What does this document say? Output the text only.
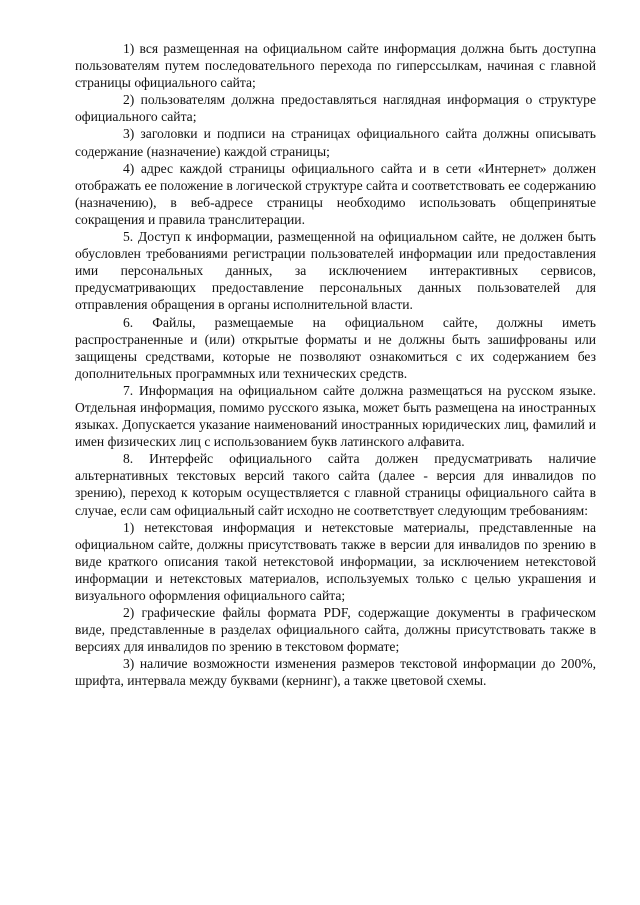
1) вся размещенная на официальном сайте информация должна быть доступна пользователям путем последовательного перехода по гиперссылкам, начиная с главной страницы официального сайта;

2) пользователям должна предоставляться наглядная информация о структуре официального сайта;

3) заголовки и подписи на страницах официального сайта должны описывать содержание (назначение) каждой страницы;

4) адрес каждой страницы официального сайта и в сети «Интернет» должен отображать ее положение в логической структуре сайта и соответствовать ее содержанию (назначению), в веб-адресе страницы необходимо использовать общепринятые сокращения и правила транслитерации.

5. Доступ к информации, размещенной на официальном сайте, не должен быть обусловлен требованиями регистрации пользователей информации или предоставления ими персональных данных, за исключением интерактивных сервисов, предусматривающих предоставление персональных данных пользователей для отправления обращения в органы исполнительной власти.

6. Файлы, размещаемые на официальном сайте, должны иметь распространенные и (или) открытые форматы и не должны быть зашифрованы или защищены средствами, которые не позволяют ознакомиться с их содержанием без дополнительных программных или технических средств.

7. Информация на официальном сайте должна размещаться на русском языке. Отдельная информация, помимо русского языка, может быть размещена на иностранных языках. Допускается указание наименований иностранных юридических лиц, фамилий и имен физических лиц с использованием букв латинского алфавита.

8. Интерфейс официального сайта должен предусматривать наличие альтернативных текстовых версий такого сайта (далее - версия для инвалидов по зрению), переход к которым осуществляется с главной страницы официального сайта в случае, если сам официальный сайт исходно не соответствует следующим требованиям:

1) нетекстовая информация и нетекстовые материалы, представленные на официальном сайте, должны присутствовать также в версии для инвалидов по зрению в виде краткого описания такой нетекстовой информации, за исключением нетекстовой информации и нетекстовых материалов, используемых только с целью украшения и визуального оформления официального сайта;

2) графические файлы формата PDF, содержащие документы в графическом виде, представленные в разделах официального сайта, должны присутствовать также в версиях для инвалидов по зрению в текстовом формате;

3) наличие возможности изменения размеров текстовой информации до 200%, шрифта, интервала между буквами (кернинг), а также цветовой схемы.
